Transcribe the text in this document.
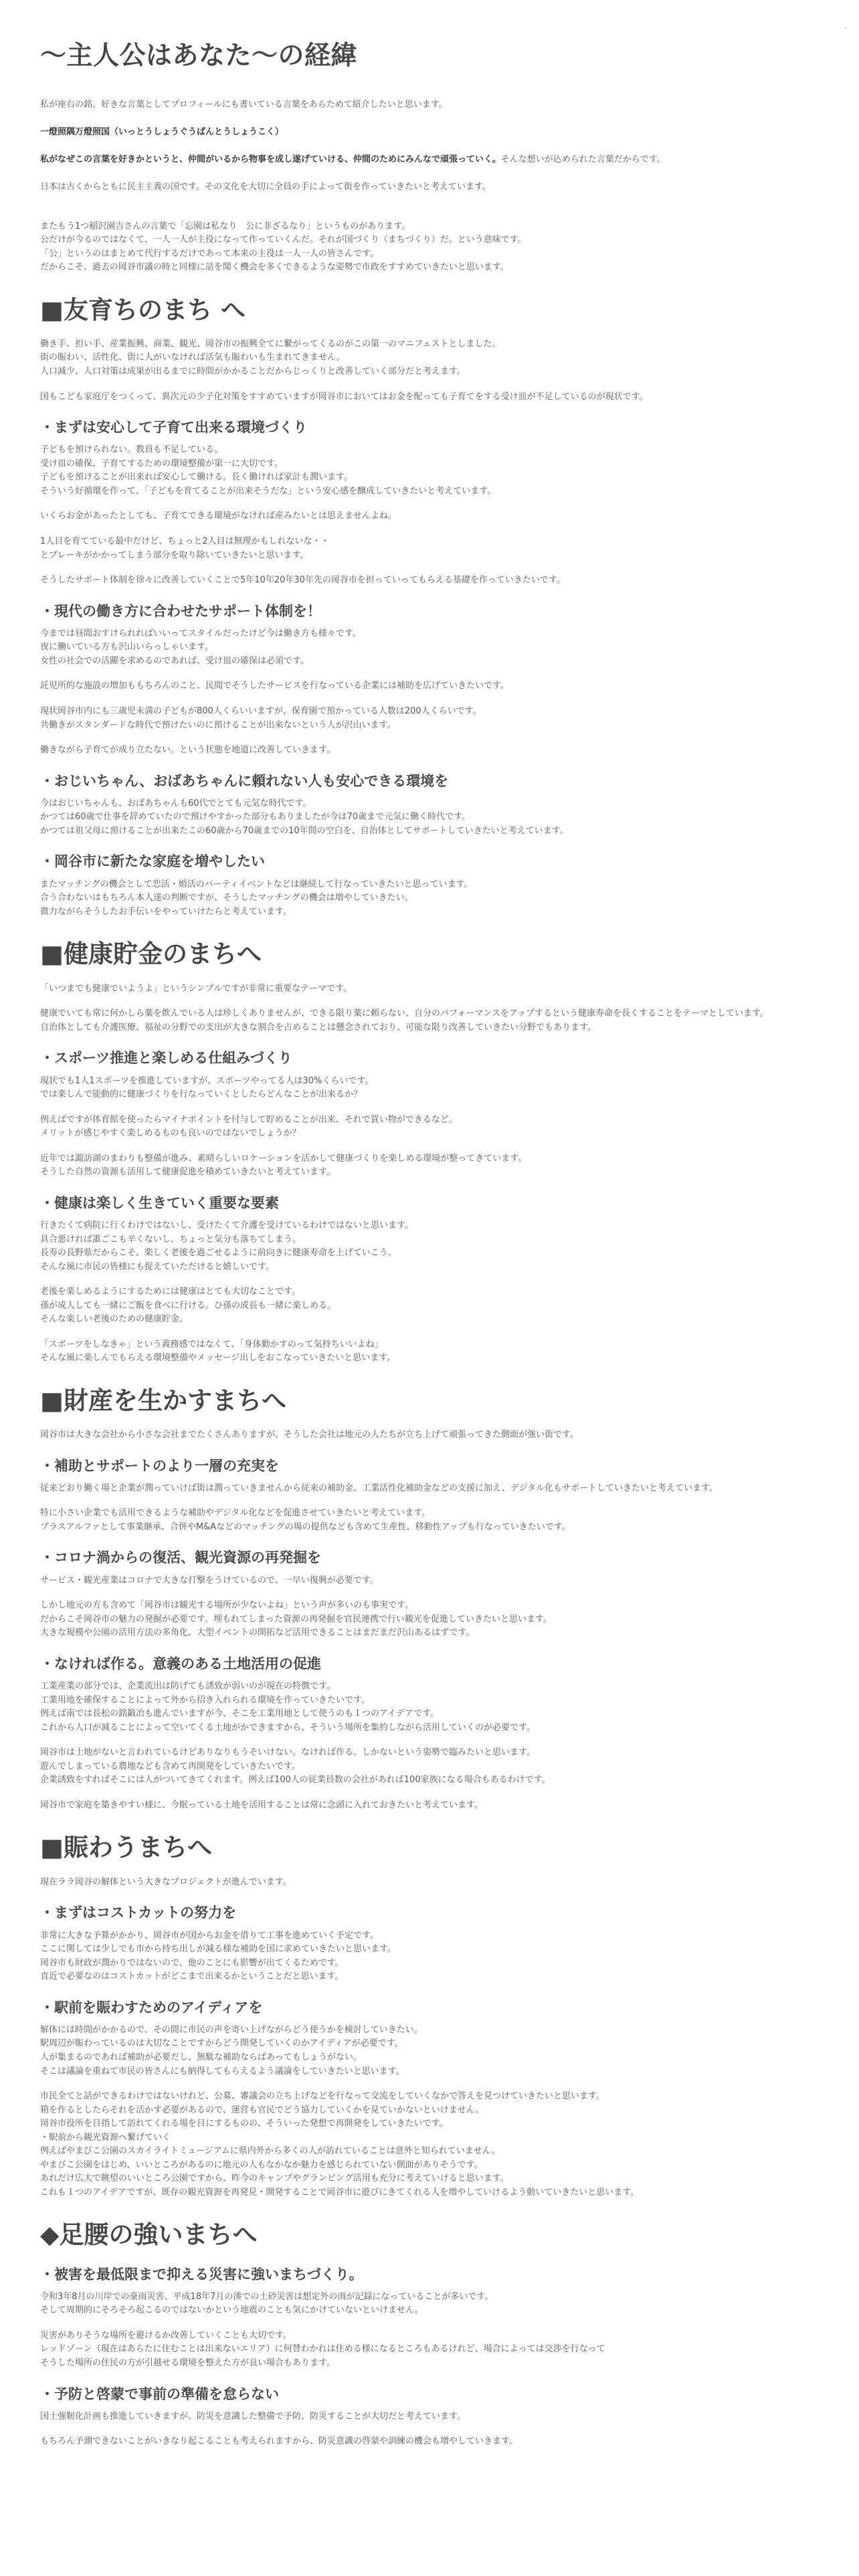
〜主人公はあなた〜の経緯

私が座右の銘、好きな言葉としてプロフィールにも書いている言葉をあらためて紹介したいと思います。

一燈照隅万燈照国（いっとうしょうぐうばんとうしょうこく）

私がなぜこの言葉を好きかというと、仲間がいるから物事を成し遂げていける、仲間のためにみんなで頑張っていく。そんな想いが込められた言葉だからです。

日本は古くからともに民主主義の国です。その文化を大切に全員の手によって街を作っていきたいと考えています。

またもう1つ稲沢園吉さんの言葉で「忘園は私なり　公に非ざるなり」というものがあります。
公だけが今るのではなくて、一人一人が主役になって作っていくんだ。それが国づくり（まちづくり）だ。という意味です。
「公」というのはまとめて代行するだけであって本来の主役は一人一人の皆さんです。
だからこそ、過去の岡谷市議の時と同様に話を聞く機会を多くできるような姿勢で市政をすすめていきたいと思います。
■友育ちのまち へ
働き手、担い手、産業振興、商業、観光、岡谷市の振興全てに繋がってくるのがこの第一のマニフェストとしました。
街の賑わい、活性化、街に人がいなければ活気も賑わいも生まれてきません。
人口減少、人口対策は成果が出るまでに時間がかかることだからじっくりと改善していく部分だと考えます。
国もこども家庭庁をつくって、異次元の少子化対策をすすめていますが岡谷市においてはお金を配っても子育てをする受け皿が不足しているのが現状です。
・まずは安心して子育て出来る環境づくり
子どもを預けられない。教員も不足している。
受け皿の確保、子育てするための環境整備が第一に大切です。
子どもを預けることが出来れば安心して働ける。長く働ければ家計も潤います。
そういう好循環を作って、「子どもを育てることが出来そうだな」という安心感を醸成していきたいと考えています。
いくらお金があったとしても、子育てできる環境がなければ産みたいとは思えませんよね。
1人目を育てている最中だけど、ちょっと2人目は無理かもしれないな・・
とブレーキがかかってしまう部分を取り除いていきたいと思います。
そうしたサポート体制を徐々に改善していくことで5年10年20年30年先の岡谷市を担っていってもらえる基礎を作っていきたいです。
・現代の働き方に合わせたサポート体制を！
今までは昼間おすけられればいいってスタイルだったけど今は働き方も様々です。
夜に働いている方も沢山いらっしゃいます。
女性の社会での活躍を求めるのであれば、受け皿の確保は必須です。
託児所的な施設の増加ももちろんのこと、民間でそうしたサービスを行なっている企業には補助を広げていきたいです。
現状岡谷市内にも三歳児未満の子どもが800人くらいいますが、保育園で預かっている人数は200人くらいです。
共働きがスタンダードな時代で預けたいのに預けることが出来ないという人が沢山います。
働きながら子育てが成り立たない。という状態を地道に改善していきます。
・おじいちゃん、おばあちゃんに頼れない人も安心できる環境を
今はおじいちゃんも、おばあちゃんも60代でとても元気な時代です。
かつては60歳で仕事を辞めていたので預けやすかった部分もありましたが今は70歳まで元気に働く時代です。
かつては祖父母に預けることが出来たこの60歳から70歳までの10年間の空白を、自治体としてサポートしていきたいと考えています。
・岡谷市に新たな家庭を増やしたい
またマッチングの機会として恋活・婚活のパーティイベントなどは継続して行なっていきたいと思っています。
合う合わないはもちろん本人達の判断ですが、そうしたマッチングの機会は増やしていきたい。
微力ながらそうしたお手伝いをやっていけたらと考えています。
■健康貯金のまちへ
「いつまでも健康でいようよ」というシンプルですが非常に重要なテーマです。
健康でいても常に何かしら薬を飲んでいる人は珍しくありませんが、できる限り薬に頼らない、自分のパフォーマンスをアップするという健康寿命を長くすることをテーマとしています。
自治体としても介護医療、福祉の分野での支出が大きな割合を占めることは懸念されており、可能な限り改善していきたい分野でもあります。
・スポーツ推進と楽しめる仕組みづくり
現状でも1人1スポーツを推進していますが、スポーツやってる人は30%くらいです。
では楽しんで能動的に健康づくりを行なっていくとしたらどんなことが出来るか？
例えばですが体育館を使ったらマイナポイントを付与して貯めることが出来、それで買い物ができるなど。
メリットが感じやすく楽しめるものも良いのではないでしょうか？
近年では諏訪湖のまわりも整備が進み、素晴らしいロケーションを活かして健康づくりを楽しめる環境が整ってきています。
そうした自然の資源も活用して健康促進を積めていきたいと考えています。
・健康は楽しく生きていく重要な要素
行きたくて病院に行くわけではないし、受けたくて介護を受けているわけではないと思います。
具合悪ければ誰ごこも辛くないし、ちょっと気分も落ちてしまう。
長寿の長野県だからこそ、楽しく老後を過ごせるように前向きに健康寿命を上げていこう。
そんな風に市民の皆様にも捉えていただけると嬉しいです。
老後を楽しめるようにするためには健康はとても大切なことです。
孫が成人しても一緒にご飯を食べに行ける。ひ孫の成長も一緒に楽しめる。
そんな楽しい老後のための健康貯金。
「スポーツをしなきゃ」という義務感ではなくて、「身体動かすのって気持ちいいよね」
そんな風に楽しんでもらえる環境整備やメッセージ出しをおこなっていきたいと思います。
■財産を生かすまちへ
岡谷市は大きな会社から小さな会社までたくさんありますが、そうした会社は地元の人たちが立ち上げて頑張ってきた側面が強い街です。
・補助とサポートのより一層の充実を
従来どおり働く場と企業が潤っていけば街は潤っていきませんから従来の補助金、工業活性化補助金などの支援に加え、デジタル化もサポートしていきたいと考えています。
特に小さい企業でも活用できるような補助やデジタル化などを促進させていきたいと考えています。
プラスアルファとして事業継承、合併やM&Aなどのマッチングの場の提供なども含めて生産性、移動性アップも行なっていきたいです。
・コロナ渦からの復活、観光資源の再発掘を
サービス・観光産業はコロナで大きな打撃をうけているので、一早い復興が必要です。
しかし地元の方も含めて「岡谷市は観光する場所が少ないよね」という声が多いのも事実です。
だからこそ岡谷市の魅力の発掘が必要です。埋もれてしまった資源の再発掘を官民連携で行い観光を促進していきたいと思います。
大きな規模や公園の活用方法の多角化、大型イベントの開拓など活用できることはまだまだ沢山あるはずです。
・なければ作る。意義のある土地活用の促進
工業産業の部分では、企業流出は防げても誘致が弱いのが現在の特徴です。
工業用地を確保することによって外から招き入れられる環境を作っていきたいです。
例えば南では長松の銘鍛冶も進んでいますが今、そこを工業用地として使うのも１つのアイデアです。
これから人口が減ることによって空いてくる土地がかできますから、そういう場所を集約しながら活用していくのが必要です。
岡谷市は土地がないと言われているけどありなりもうそいけない。なければ作る。しかないという姿勢で臨みたいと思います。
遊んでしまっている農地なども含めて再開発をしていきたいです。
企業誘致をすればそこには人がついてきてくれます。例えば100人の従業員数の会社があれば100家族になる場合もあるわけです。
岡谷市で家庭を築きやすい様に、今眠っている土地を活用することは常に念頭に入れておきたいと考えています。
■賑わうまちへ
現在ララ岡谷の解体という大きなプロジェクトが進んでいます。
・まずはコストカットの努力を
非常に大きな予算がかかり、岡谷市が国からお金を借りて工事を進めていく予定です。
ここに関しては少しでも市から持ち出しが減る様な補助を国に求めていきたいと思います。
岡谷市も財政が潤かりではないので、他のことにも影響が出てくるためです。
直近で必要なのはコストカットがどこまで出来るかということだと思います。
・駅前を賑わすためのアイディアを
解体には時間がかかるので、その間に市民の声を寄い上げながらどう使うかを検討していきたい。
駅周辺が賑わっているのは大切なことですからどう開発していくのかアイディアが必要です。
人が集まるのであれば補助が必要だし、無駄な補助ならばあってもしょうがない。
そこは議論を重ねて市民の皆さんにも納得してもらえるよう議論をしていきたいと思います。
市民全てと話ができるわけではないけれど、公募、審議会の立ち上げなどを行なって交流をしていくなかで答えを見つけていきたいと思います。
箱を作るとしたらそれを活かす必要があるので、運営も官民でどう協力していくかを見ていかないといけません。
岡谷市役所を目指して訪れてくれる場を目にするものの、そういった発想で再開発をしていきたいです。
・駅前から観光資源へ繋げていく
例えばやまびこ公園のスカイライトミュージアムに県内外から多くの人が訪れていることは意外と知られていません。
やまびこ公園をはじめ、いいところがあるのに地元の人もなかなか魅力を感じられていない側面がありそうです。
あれだけ広大で眺望のいいところ公園ですから、昨今のキャンプやグランピング活用も充分に考えていけると思います。
これも１つのアイデアですが、既存の観光資源を再発見・開発することで岡谷市に遊びにきてくれる人を増やしていけるよう動いていきたいと思います。
◆足腰の強いまちへ
・被害を最低限まで抑える災害に強いまちづくり。
令和3年8月の川岸での豪雨災害、平成18年7月の湊での土砂災害は想定外の雨が記録になっていることが多いです。
そして周期的にそろそろ起こるのではないかという地震のことも気にかけていないといけません。
災害がありそうな場所を避けるか改善していくことも大切です。
レッドゾーン（現在はあらたに住むことは出来ないエリア）に何替わかれは住める様になるところもあるけれど、場合によっては交渉を行なって
そうした場所の住民の方が引越せる環境を整えた方が良い場合もあります。
・予防と啓蒙で事前の準備を怠らない
国土強靭化計画も推進していきますが、防災を意識した整備で予防、防災することが大切だと考えています。
もちろん予測できないことがいきなり起こることも考えられますから、防災意識の啓蒙や訓練の機会も増やしていきます。
